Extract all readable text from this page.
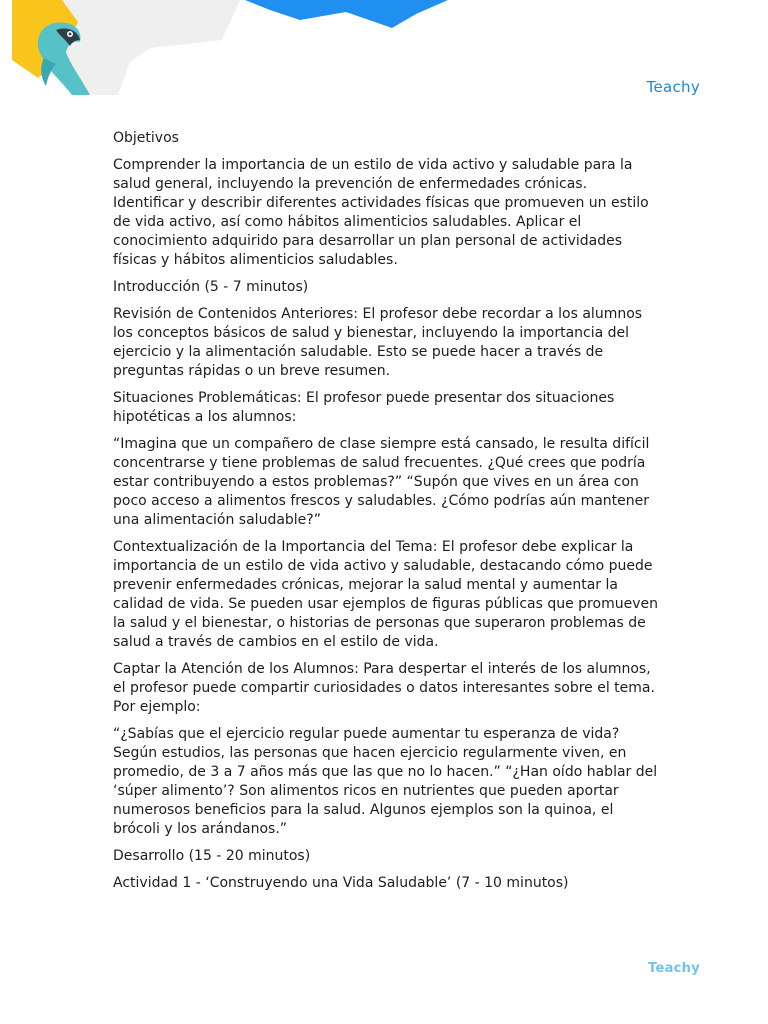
Teachy

Objetivos

Comprender la importancia de un estilo de vida activo y saludable para la salud general, incluyendo la prevención de enfermedades crónicas. Identificar y describir diferentes actividades físicas que promueven un estilo de vida activo, así como hábitos alimenticios saludables. Aplicar el conocimiento adquirido para desarrollar un plan personal de actividades físicas y hábitos alimenticios saludables.

Introducción (5 - 7 minutos)

Revisión de Contenidos Anteriores: El profesor debe recordar a los alumnos los conceptos básicos de salud y bienestar, incluyendo la importancia del ejercicio y la alimentación saludable. Esto se puede hacer a través de preguntas rápidas o un breve resumen.

Situaciones Problemáticas: El profesor puede presentar dos situaciones hipotéticas a los alumnos:

“Imagina que un compañero de clase siempre está cansado, le resulta difícil concentrarse y tiene problemas de salud frecuentes. ¿Qué crees que podría estar contribuyendo a estos problemas?” “Supón que vives en un área con poco acceso a alimentos frescos y saludables. ¿Cómo podrías aún mantener una alimentación saludable?”

Contextualización de la Importancia del Tema: El profesor debe explicar la importancia de un estilo de vida activo y saludable, destacando cómo puede prevenir enfermedades crónicas, mejorar la salud mental y aumentar la calidad de vida. Se pueden usar ejemplos de figuras públicas que promueven la salud y el bienestar, o historias de personas que superaron problemas de salud a través de cambios en el estilo de vida.

Captar la Atención de los Alumnos: Para despertar el interés de los alumnos, el profesor puede compartir curiosidades o datos interesantes sobre el tema. Por ejemplo:

“¿Sabías que el ejercicio regular puede aumentar tu esperanza de vida? Según estudios, las personas que hacen ejercicio regularmente viven, en promedio, de 3 a 7 años más que las que no lo hacen.” “¿Han oído hablar del ‘súper alimento’? Son alimentos ricos en nutrientes que pueden aportar numerosos beneficios para la salud. Algunos ejemplos son la quinoa, el brócoli y los arándanos.”

Desarrollo (15 - 20 minutos)

Actividad 1 - ‘Construyendo una Vida Saludable’ (7 - 10 minutos)

Teachy
